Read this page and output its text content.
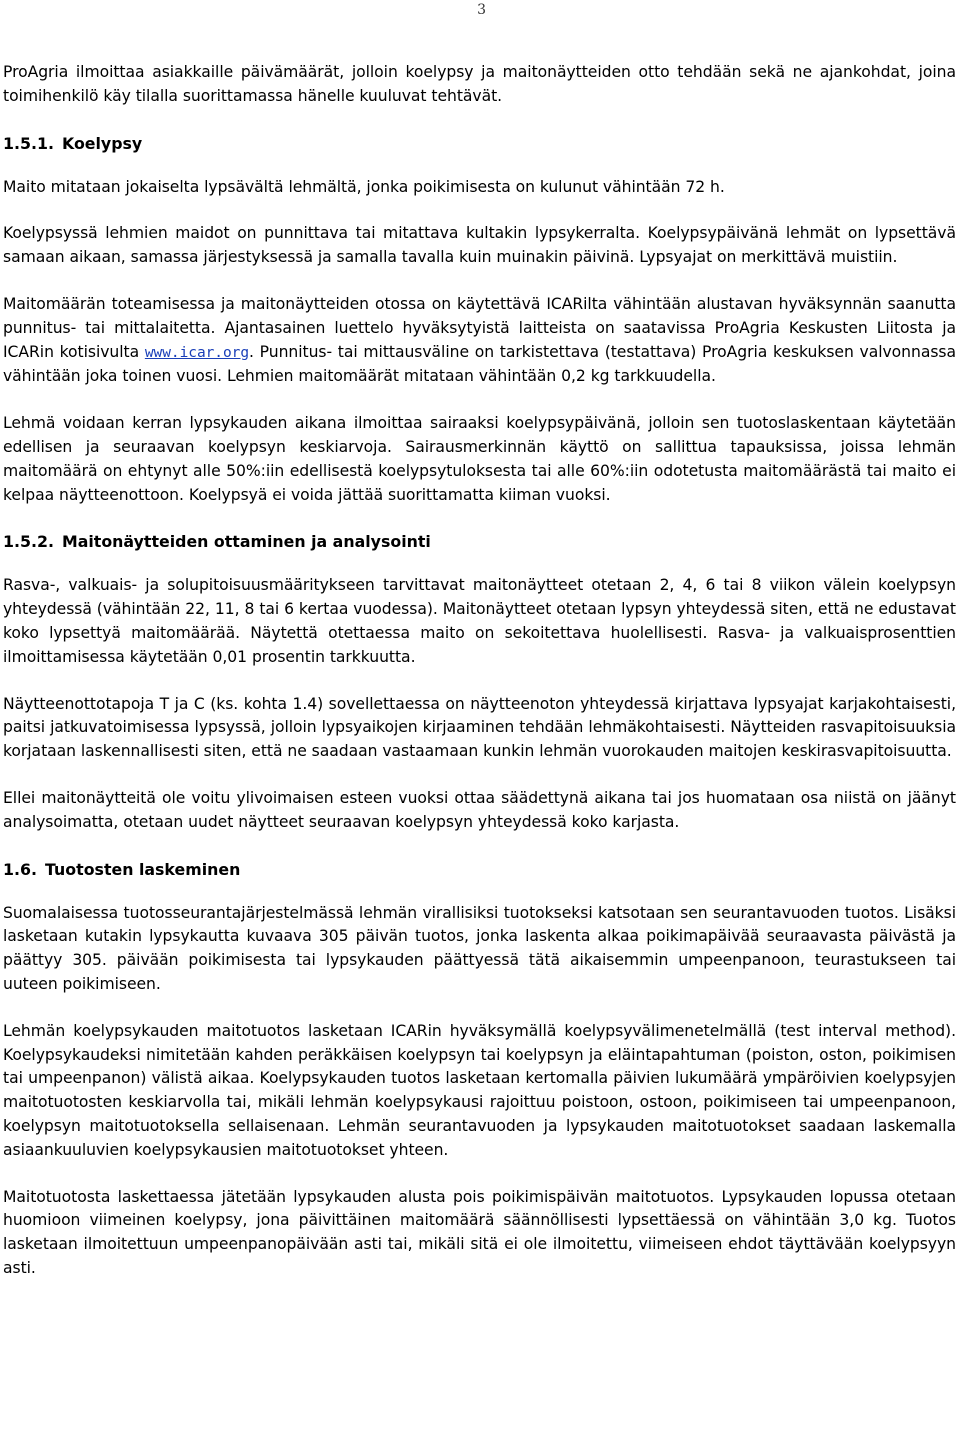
3

ProAgria ilmoittaa asiakkaille päivämäärät, jolloin koelypsy ja maitonäytteiden otto tehdään sekä ne ajankohdat, joina toimihenkilö käy tilalla suorittamassa hänelle kuuluvat tehtävät.

1.5.1. Koelypsy

Maito mitataan jokaiselta lypsävältä lehmältä, jonka poikimisesta on kulunut vähintään 72 h.

Koelypsyssä lehmien maidot on punnittava tai mitattava kultakin lypsykerralta. Koelypsypäivänä lehmät on lypsettävä samaan aikaan, samassa järjestyksessä ja samalla tavalla kuin muinakin päivinä. Lypsyajat on merkittävä muistiin.

Maitomäärän toteamisessa ja maitonäytteiden otossa on käytettävä ICARilta vähintään alustavan hyväksynnän saanutta punnitus- tai mittalaitetta. Ajantasainen luettelo hyväksytyistä laitteista on saatavissa ProAgria Keskusten Liitosta ja ICARin kotisivulta www.icar.org. Punnitus- tai mittausväline on tarkistettava (testattava) ProAgria keskuksen valvonnassa vähintään joka toinen vuosi. Lehmien maitomäärät mitataan vähintään 0,2 kg tarkkuudella.

Lehmä voidaan kerran lypsykauden aikana ilmoittaa sairaaksi koelypsypäivänä, jolloin sen tuotoslaskentaan käytetään edellisen ja seuraavan koelypsyn keskiarvoja. Sairausmerkinnän käyttö on sallittua tapauksissa, joissa lehmän maitomäärä on ehtynyt alle 50%:iin edellisestä koelypsytuloksesta tai alle 60%:iin odotetusta maitomäärästä tai maito ei kelpaa näytteenottoon. Koelypsyä ei voida jättää suorittamatta kiiman vuoksi.

1.5.2. Maitonäytteiden ottaminen ja analysointi

Rasva-, valkuais- ja solupitoisuusmääritykseen tarvittavat maitonäytteet otetaan 2, 4, 6 tai 8 viikon välein koelypsyn yhteydessä (vähintään 22, 11, 8 tai 6 kertaa vuodessa). Maitonäytteet otetaan lypsyn yhteydessä siten, että ne edustavat koko lypsettyä maitomäärää. Näytettä otettaessa maito on sekoitettava huolellisesti. Rasva- ja valkuaisprosenttien ilmoittamisessa käytetään 0,01 prosentin tarkkuutta.

Näytteenottotapoja T ja C (ks. kohta 1.4) sovellettaessa on näytteenoton yhteydessä kirjattava lypsyajat karjakohtaisesti, paitsi jatkuvatoimisessa lypsyssä, jolloin lypsyaikojen kirjaaminen tehdään lehmäkohtaisesti. Näytteiden rasvapitoisuuksia korjataan laskennallisesti siten, että ne saadaan vastaamaan kunkin lehmän vuorokauden maitojen keskirasvapitoisuutta.

Ellei maitonäytteitä ole voitu ylivoimaisen esteen vuoksi ottaa säädettynä aikana tai jos huomataan osa niistä on jäänyt analysoimatta, otetaan uudet näytteet seuraavan koelypsyn yhteydessä koko karjasta.

1.6. Tuotosten laskeminen

Suomalaisessa tuotosseurantajärjestelmässä lehmän virallisiksi tuotokseksi katsotaan sen seurantavuoden tuotos. Lisäksi lasketaan kutakin lypsykautta kuvaava 305 päivän tuotos, jonka laskenta alkaa poikimapäivää seuraavasta päivästä ja päättyy 305. päivään poikimisesta tai lypsykauden päättyessä tätä aikaisemmin umpeenpanoon, teurastukseen tai uuteen poikimiseen.

Lehmän koelypsykauden maitotuotos lasketaan ICARin hyväksymällä koelypsyvälimenetelmällä (test interval method). Koelypsykaudeksi nimitetään kahden peräkkäisen koelypsyn tai koelypsyn ja eläintapahtuman (poiston, oston, poikimisen tai umpeenpanon) välistä aikaa. Koelypsykauden tuotos lasketaan kertomalla päivien lukumäärä ympäröivien koelypsyjen maitotuotosten keskiarvolla tai, mikäli lehmän koelypsykausi rajoittuu poistoon, ostoon, poikimiseen tai umpeenpanoon, koelypsyn maitotuotoksella sellaisenaan. Lehmän seurantavuoden ja lypsykauden maitotuotokset saadaan laskemalla asiaankuuluvien koelypsykausien maitotuotokset yhteen.

Maitotuotosta laskettaessa jätetään lypsykauden alusta pois poikimispäivän maitotuotos. Lypsykauden lopussa otetaan huomioon viimeinen koelypsy, jona päivittäinen maitomäärä säännöllisesti lypsettäessä on vähintään 3,0 kg. Tuotos lasketaan ilmoitettuun umpeenpanopäivään asti tai, mikäli sitä ei ole ilmoitettu, viimeiseen ehdot täyttävään koelypsyyn asti.
